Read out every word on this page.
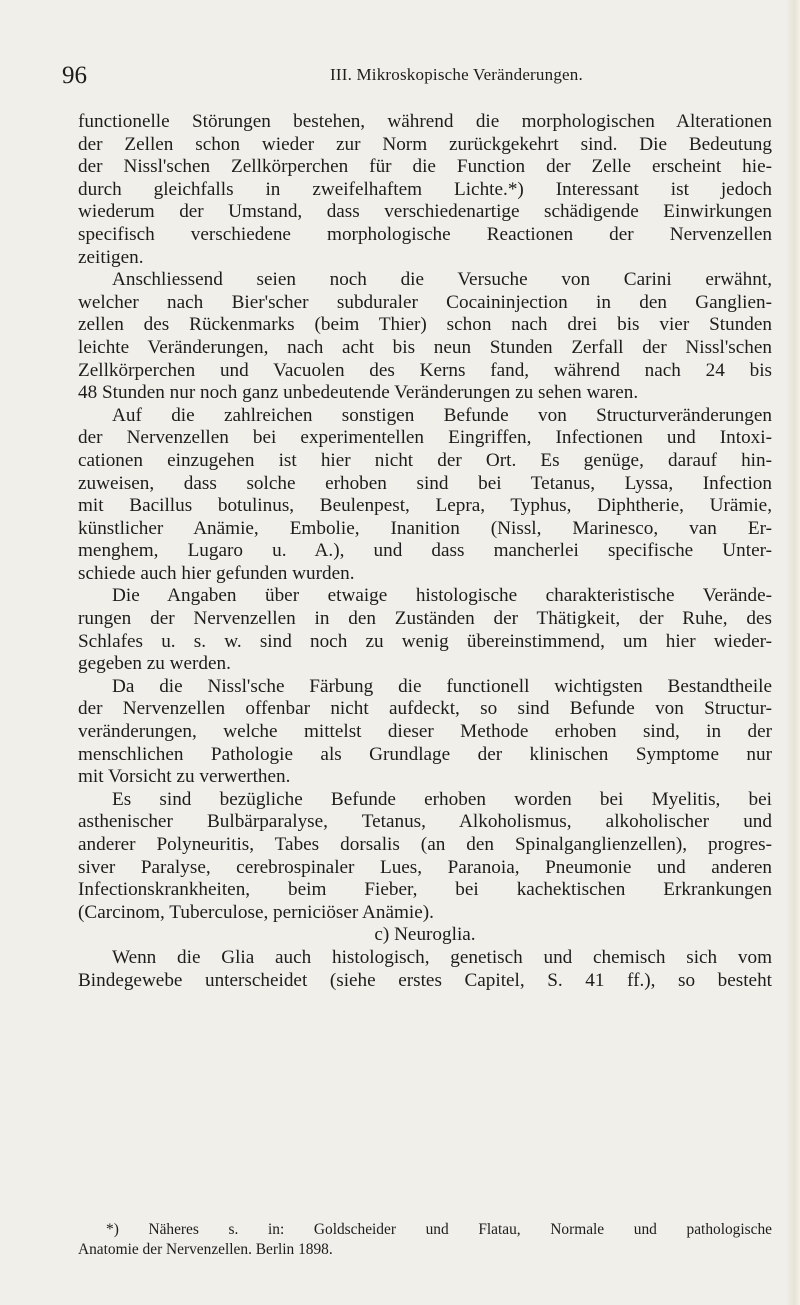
96	III. Mikroskopische Veränderungen.
functionelle Störungen bestehen, während die morphologischen Alterationen
der Zellen schon wieder zur Norm zurückgekehrt sind. Die Bedeutung
der Nissl'schen Zellkörperchen für die Function der Zelle erscheint hie-
durch gleichfalls in zweifelhaftem Lichte.*) Interessant ist jedoch
wiederum der Umstand, dass verschiedenartige schädigende Einwirkungen
specifisch verschiedene morphologische Reactionen der Nervenzellen
zeitigen.
Anschliessend seien noch die Versuche von Carini erwähnt,
welcher nach Bier'scher subduraler Cocaininjection in den Ganglien-
zellen des Rückenmarks (beim Thier) schon nach drei bis vier Stunden
leichte Veränderungen, nach acht bis neun Stunden Zerfall der Nissl'schen
Zellkörperchen und Vacuolen des Kerns fand, während nach 24 bis
48 Stunden nur noch ganz unbedeutende Veränderungen zu sehen waren.
Auf die zahlreichen sonstigen Befunde von Structurveränderungen
der Nervenzellen bei experimentellen Eingriffen, Infectionen und Intoxi-
cationen einzugehen ist hier nicht der Ort. Es genüge, darauf hin-
zuweisen, dass solche erhoben sind bei Tetanus, Lyssa, Infection
mit Bacillus botulinus, Beulenpest, Lepra, Typhus, Diphtherie, Urämie,
künstlicher Anämie, Embolie, Inanition (Nissl, Marinesco, van Er-
menghem, Lugaro u. A.), und dass mancherlei specifische Unter-
schiede auch hier gefunden wurden.
Die Angaben über etwaige histologische charakteristische Verände-
rungen der Nervenzellen in den Zuständen der Thätigkeit, der Ruhe, des
Schlafes u. s. w. sind noch zu wenig übereinstimmend, um hier wieder-
gegeben zu werden.
Da die Nissl'sche Färbung die functionell wichtigsten Bestandtheile
der Nervenzellen offenbar nicht aufdeckt, so sind Befunde von Structur-
veränderungen, welche mittelst dieser Methode erhoben sind, in der
menschlichen Pathologie als Grundlage der klinischen Symptome nur
mit Vorsicht zu verwerthen.
Es sind bezügliche Befunde erhoben worden bei Myelitis, bei
asthenischer Bulbärparalyse, Tetanus, Alkoholismus, alkoholischer und
anderer Polyneuritis, Tabes dorsalis (an den Spinalganglienzellen), progres-
siver Paralyse, cerebrospinaler Lues, Paranoia, Pneumonie und anderen
Infectionskrankheiten, beim Fieber, bei kachektischen Erkrankungen
(Carcinom, Tuberculose, perniciöser Anämie).
c) Neuroglia.
Wenn die Glia auch histologisch, genetisch und chemisch sich vom
Bindegewebe unterscheidet (siehe erstes Capitel, S. 41 ff.), so besteht
*) Näheres s. in: Goldscheider und Flatau, Normale und pathologische
Anatomie der Nervenzellen. Berlin 1898.
